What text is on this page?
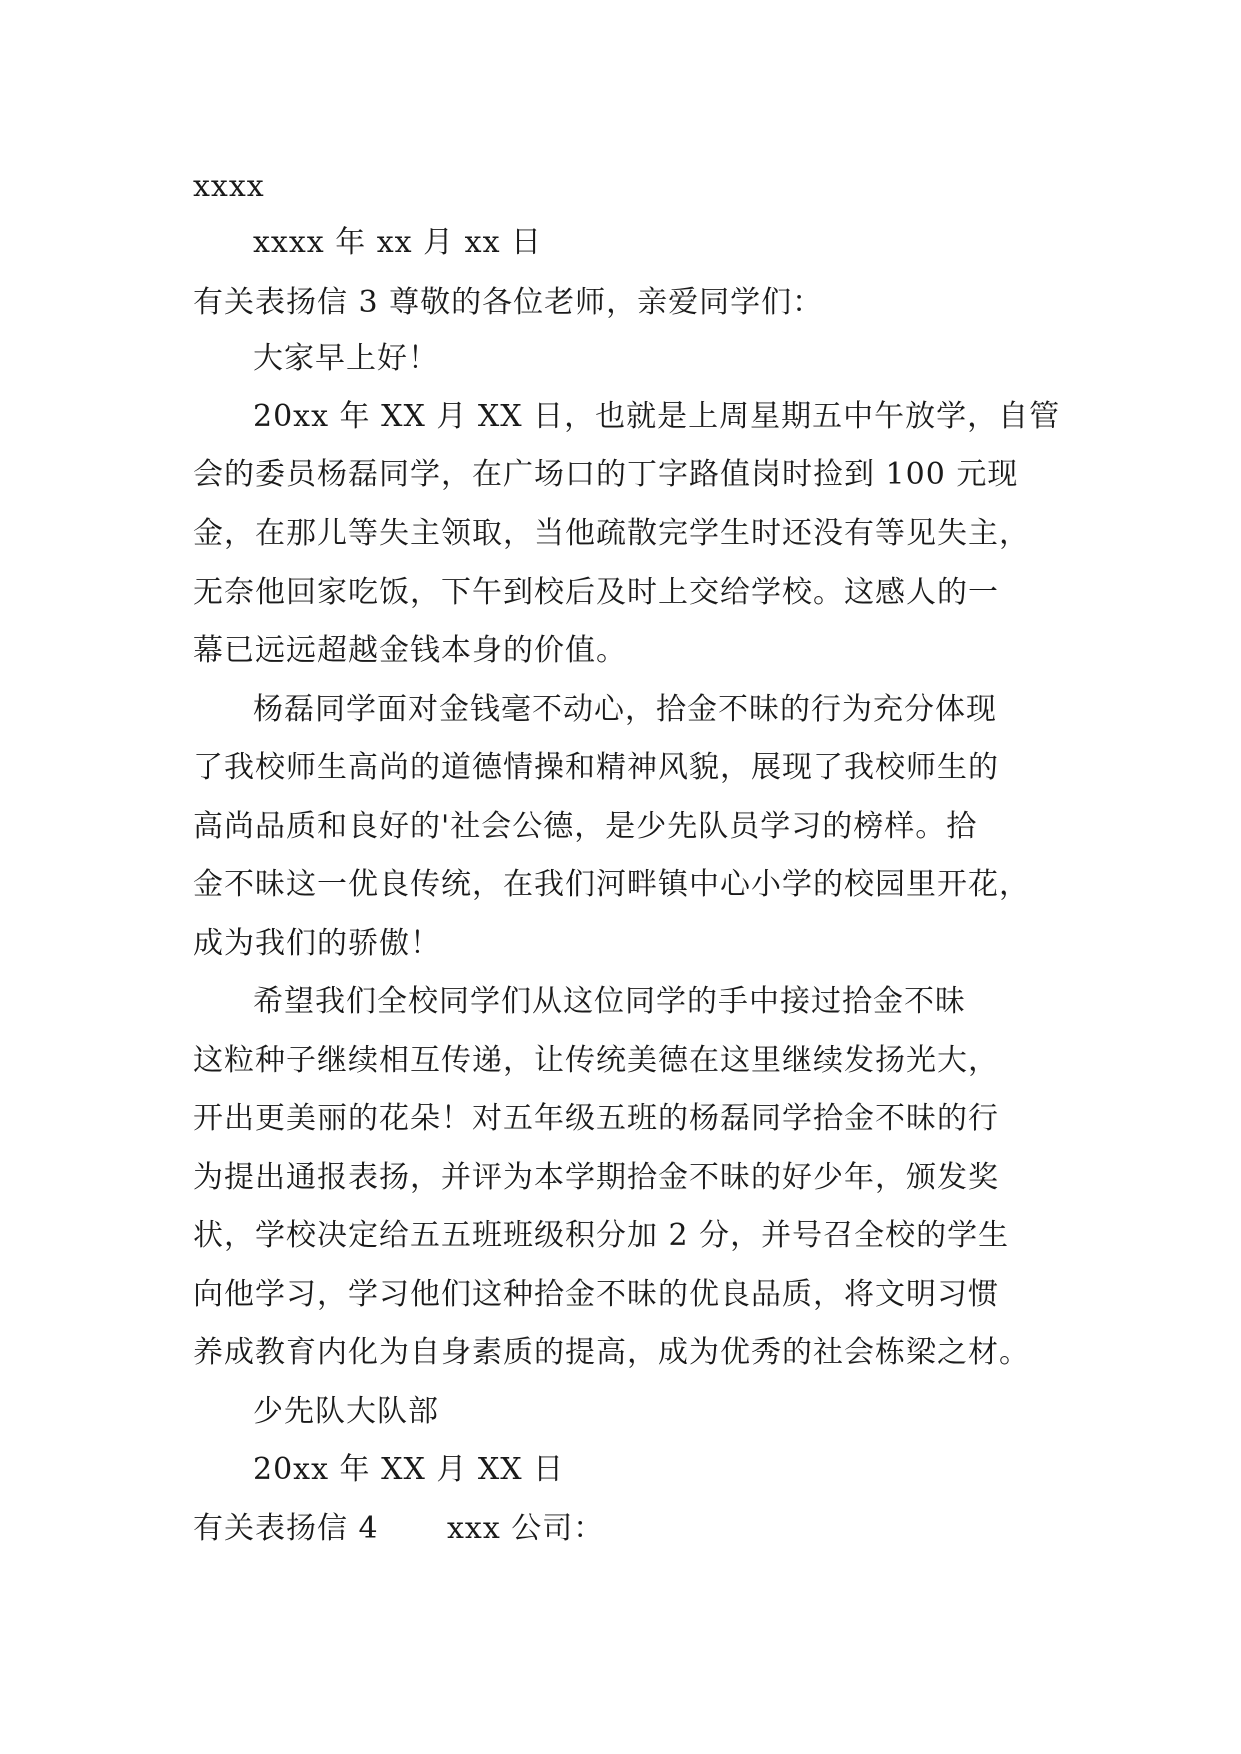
xxxx
xxxx 年 xx 月 xx 日
有关表扬信 3 尊敬的各位老师，亲爱同学们：
大家早上好！
20xx 年 XX 月 XX 日，也就是上周星期五中午放学，自管
会的委员杨磊同学，在广场口的丁字路值岗时捡到 100 元现
金，在那儿等失主领取，当他疏散完学生时还没有等见失主，
无奈他回家吃饭，下午到校后及时上交给学校。这感人的一
幕已远远超越金钱本身的价值。
杨磊同学面对金钱毫不动心，拾金不昧的行为充分体现
了我校师生高尚的道德情操和精神风貌，展现了我校师生的
高尚品质和良好的'社会公德，是少先队员学习的榜样。拾
金不昧这一优良传统，在我们河畔镇中心小学的校园里开花，
成为我们的骄傲！
希望我们全校同学们从这位同学的手中接过拾金不昧
这粒种子继续相互传递，让传统美德在这里继续发扬光大，
开出更美丽的花朵！对五年级五班的杨磊同学拾金不昧的行
为提出通报表扬，并评为本学期拾金不昧的好少年，颁发奖
状，学校决定给五五班班级积分加 2 分，并号召全校的学生
向他学习，学习他们这种拾金不昧的优良品质，将文明习惯
养成教育内化为自身素质的提高，成为优秀的社会栋梁之材。
少先队大队部
20xx 年 XX 月 XX 日
有关表扬信 4 xxx 公司：
